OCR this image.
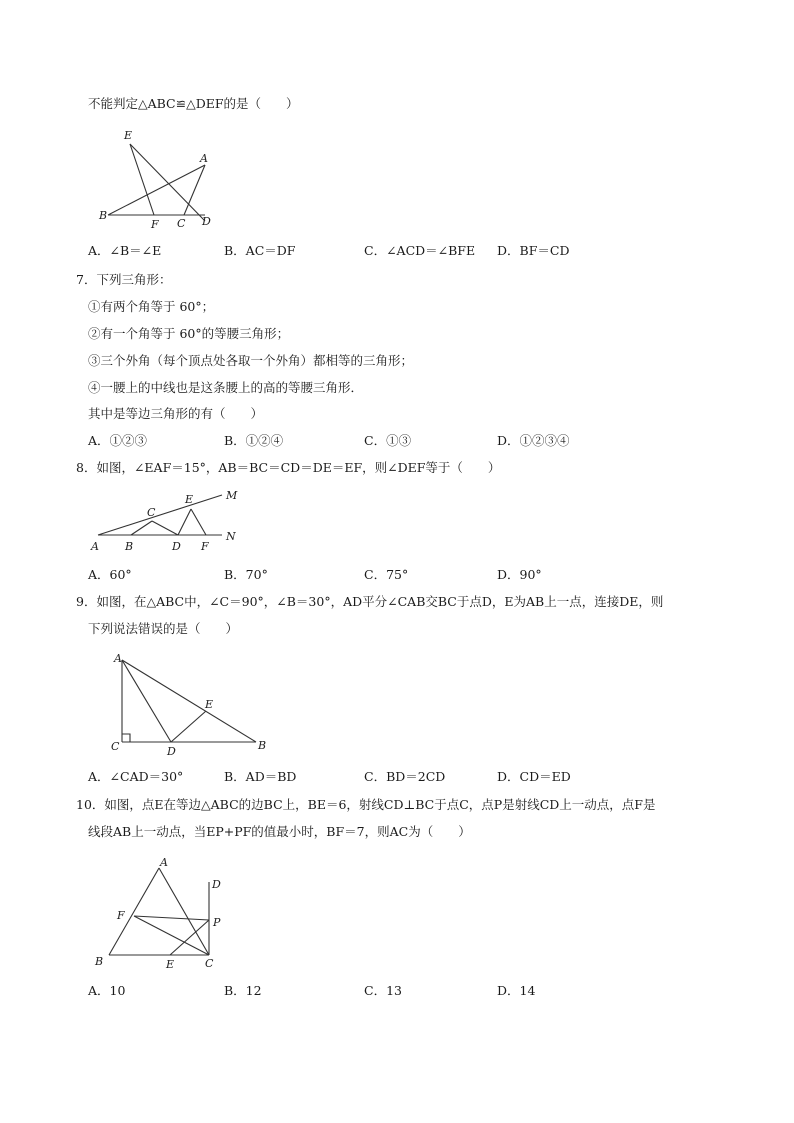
不能判定△ABC≌△DEF的是（　　）
E
A
B
F C D
A．∠B＝∠E	B．AC＝DF	C．∠ACD＝∠BFE D．BF＝CD
7．下列三角形：
①有两个角等于 60°；
②有一个角等于 60°的等腰三角形；
③三个外角（每个顶点处各取一个外角）都相等的三角形；
④一腰上的中线也是这条腰上的高的等腰三角形．
其中是等边三角形的有（　　）
A．①②③	B．①②④	C．①③	D．①②③④
8．如图，∠EAF＝15°，AB＝BC＝CD＝DE＝EF，则∠DEF等于（　　）
A B
C
D
E
F
M
N
A．60°	B．70°	C．75°	D．90°
9．如图，在△ABC中，∠C＝90°，∠B＝30°，AD平分∠CAB交BC于点D，E为AB上一点，连接DE，则
下列说法错误的是（　　）
A
C	D
E
B
A．∠CAD＝30°	B．AD＝BD	C．BD＝2CD	D．CD＝ED
10．如图，点E在等边△ABC的边BC上，BE＝6，射线CD⊥BC于点C，点P是射线CD上一动点，点F是
线段AB上一动点，当EP+PF的值最小时，BF＝7，则AC为（　　）
A
D
F
P
B	E	C
A．10	B．12	C．13	D．14
